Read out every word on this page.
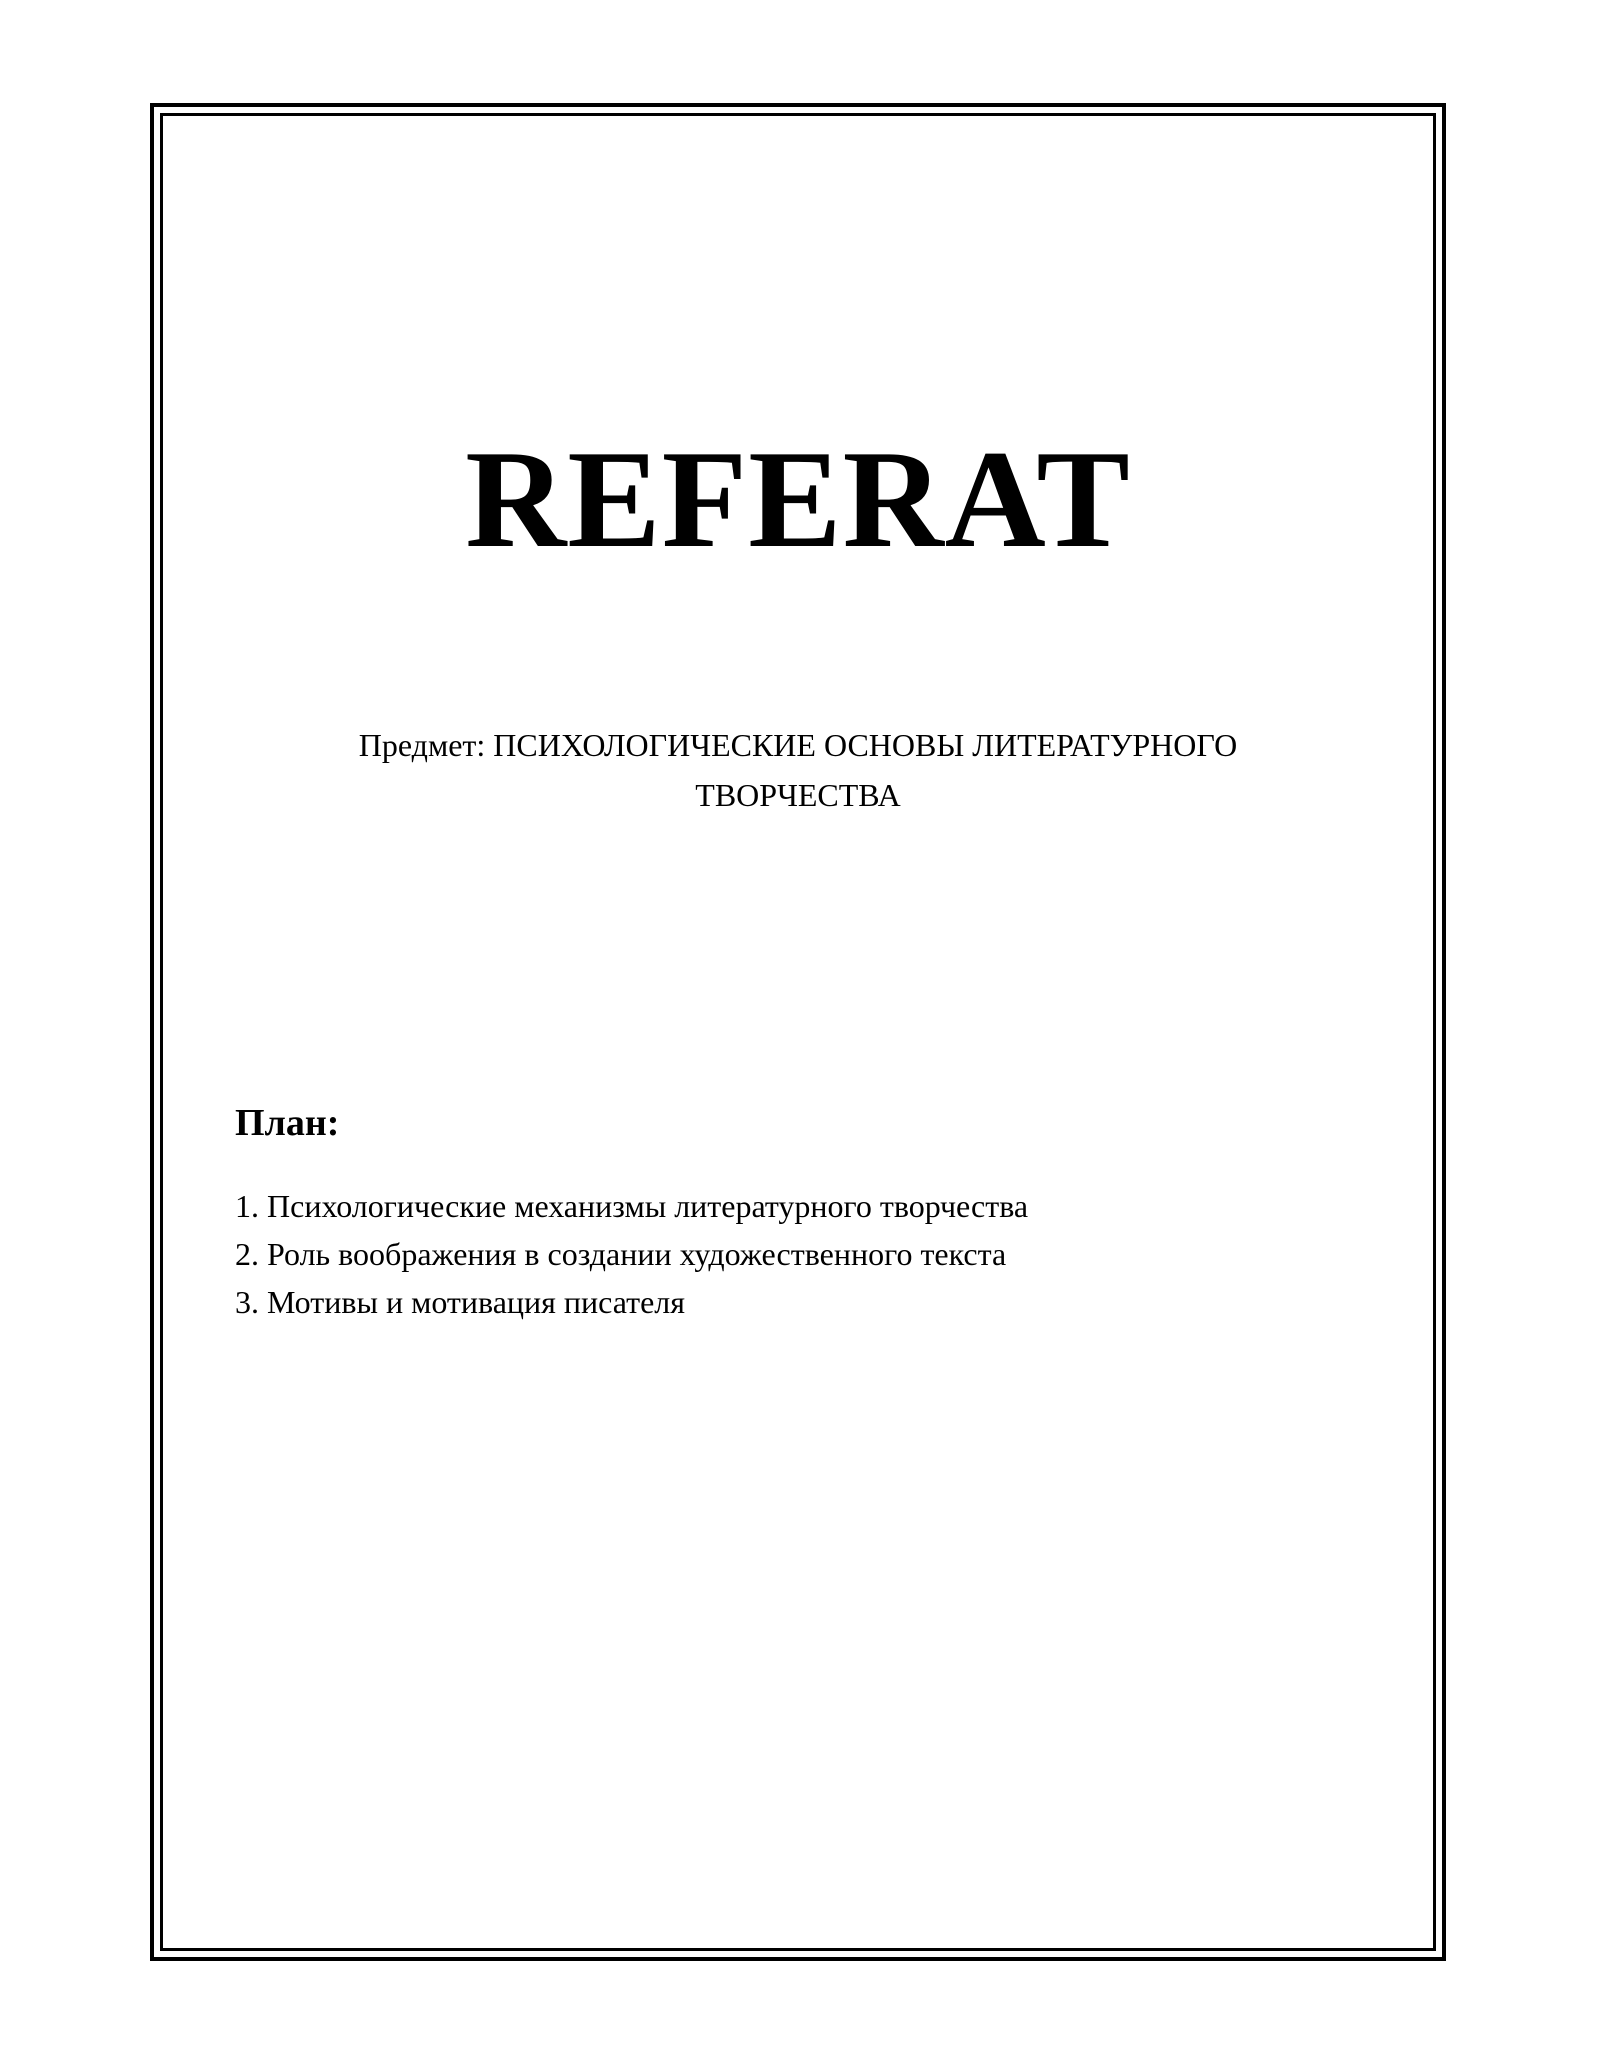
REFERAT
Предмет: ПСИХОЛОГИЧЕСКИЕ ОСНОВЫ ЛИТЕРАТУРНОГО
ТВОРЧЕСТВА
План:
1. Психологические механизмы литературного творчества
2. Роль воображения в создании художественного текста
3. Мотивы и мотивация писателя
